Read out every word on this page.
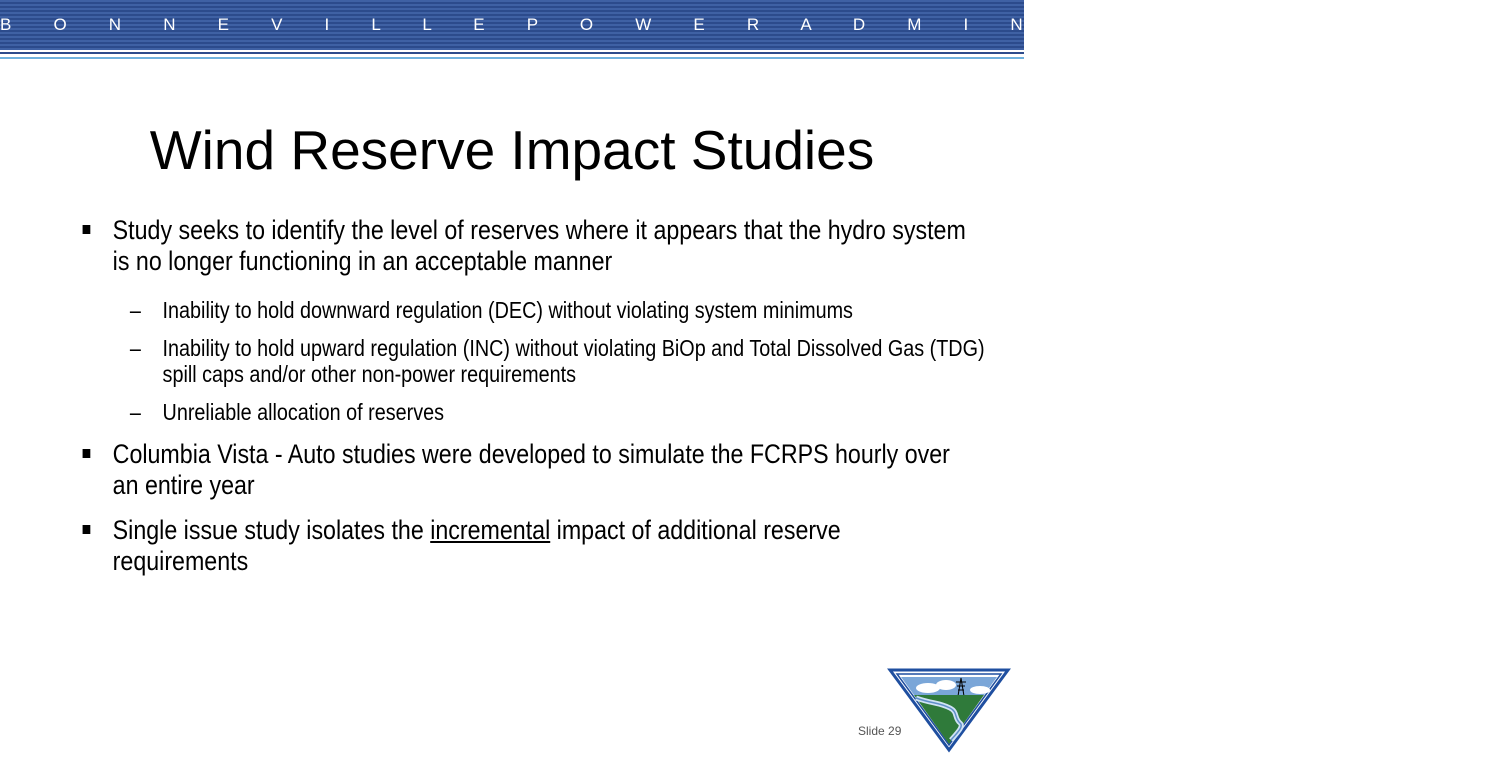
B O N N E V I L L E P O W E R A D M I N I S T R A T I O N
Wind Reserve Impact Studies
Study seeks to identify the level of reserves where it appears that the hydro system is no longer functioning in an acceptable manner
– Inability to hold downward regulation (DEC) without violating system minimums
– Inability to hold upward regulation (INC) without violating BiOp and Total Dissolved Gas (TDG) spill caps and/or other non-power requirements
– Unreliable allocation of reserves
Columbia Vista - Auto studies were developed to simulate the FCRPS hourly over an entire year
Single issue study isolates the incremental impact of additional reserve requirements
Slide 29
